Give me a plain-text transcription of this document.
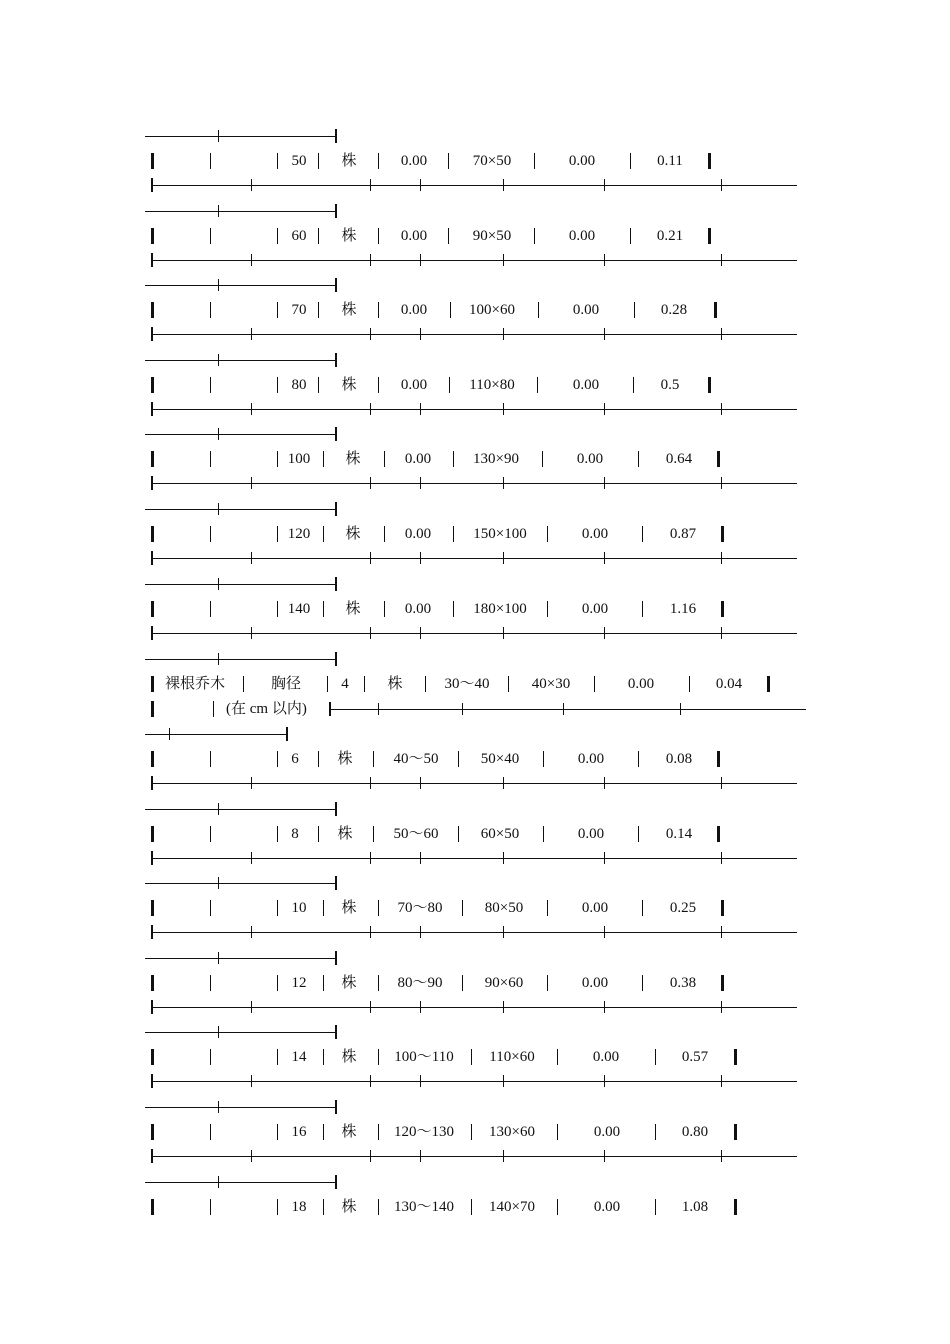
50 株	0.00	70×50	0.00	0.11
60 株	0.00	90×50	0.00	0.21
70 株	0.00	100×60	0.00	0.28
80 株	0.00	110×80	0.00	0.5
100 株	0.00	130×90	0.00	0.64
120 株	0.00	150×100	0.00	0.87
140 株	0.00	180×100	0.00	1.16
裸根乔木	胸径	4	株	30～40	40×30	0.00	0.04
(在 cm 以内)
6	株	40～50	50×40	0.00	0.08
8	株	50～60	60×50	0.00	0.14
10 株	70～80	80×50	0.00	0.25
12 株	80～90	90×60	0.00	0.38
14 株	100～110 110×60	0.00	0.57
16 株 120～130 130×60	0.00	0.80
18 株 130～140 140×70	0.00	1.08
